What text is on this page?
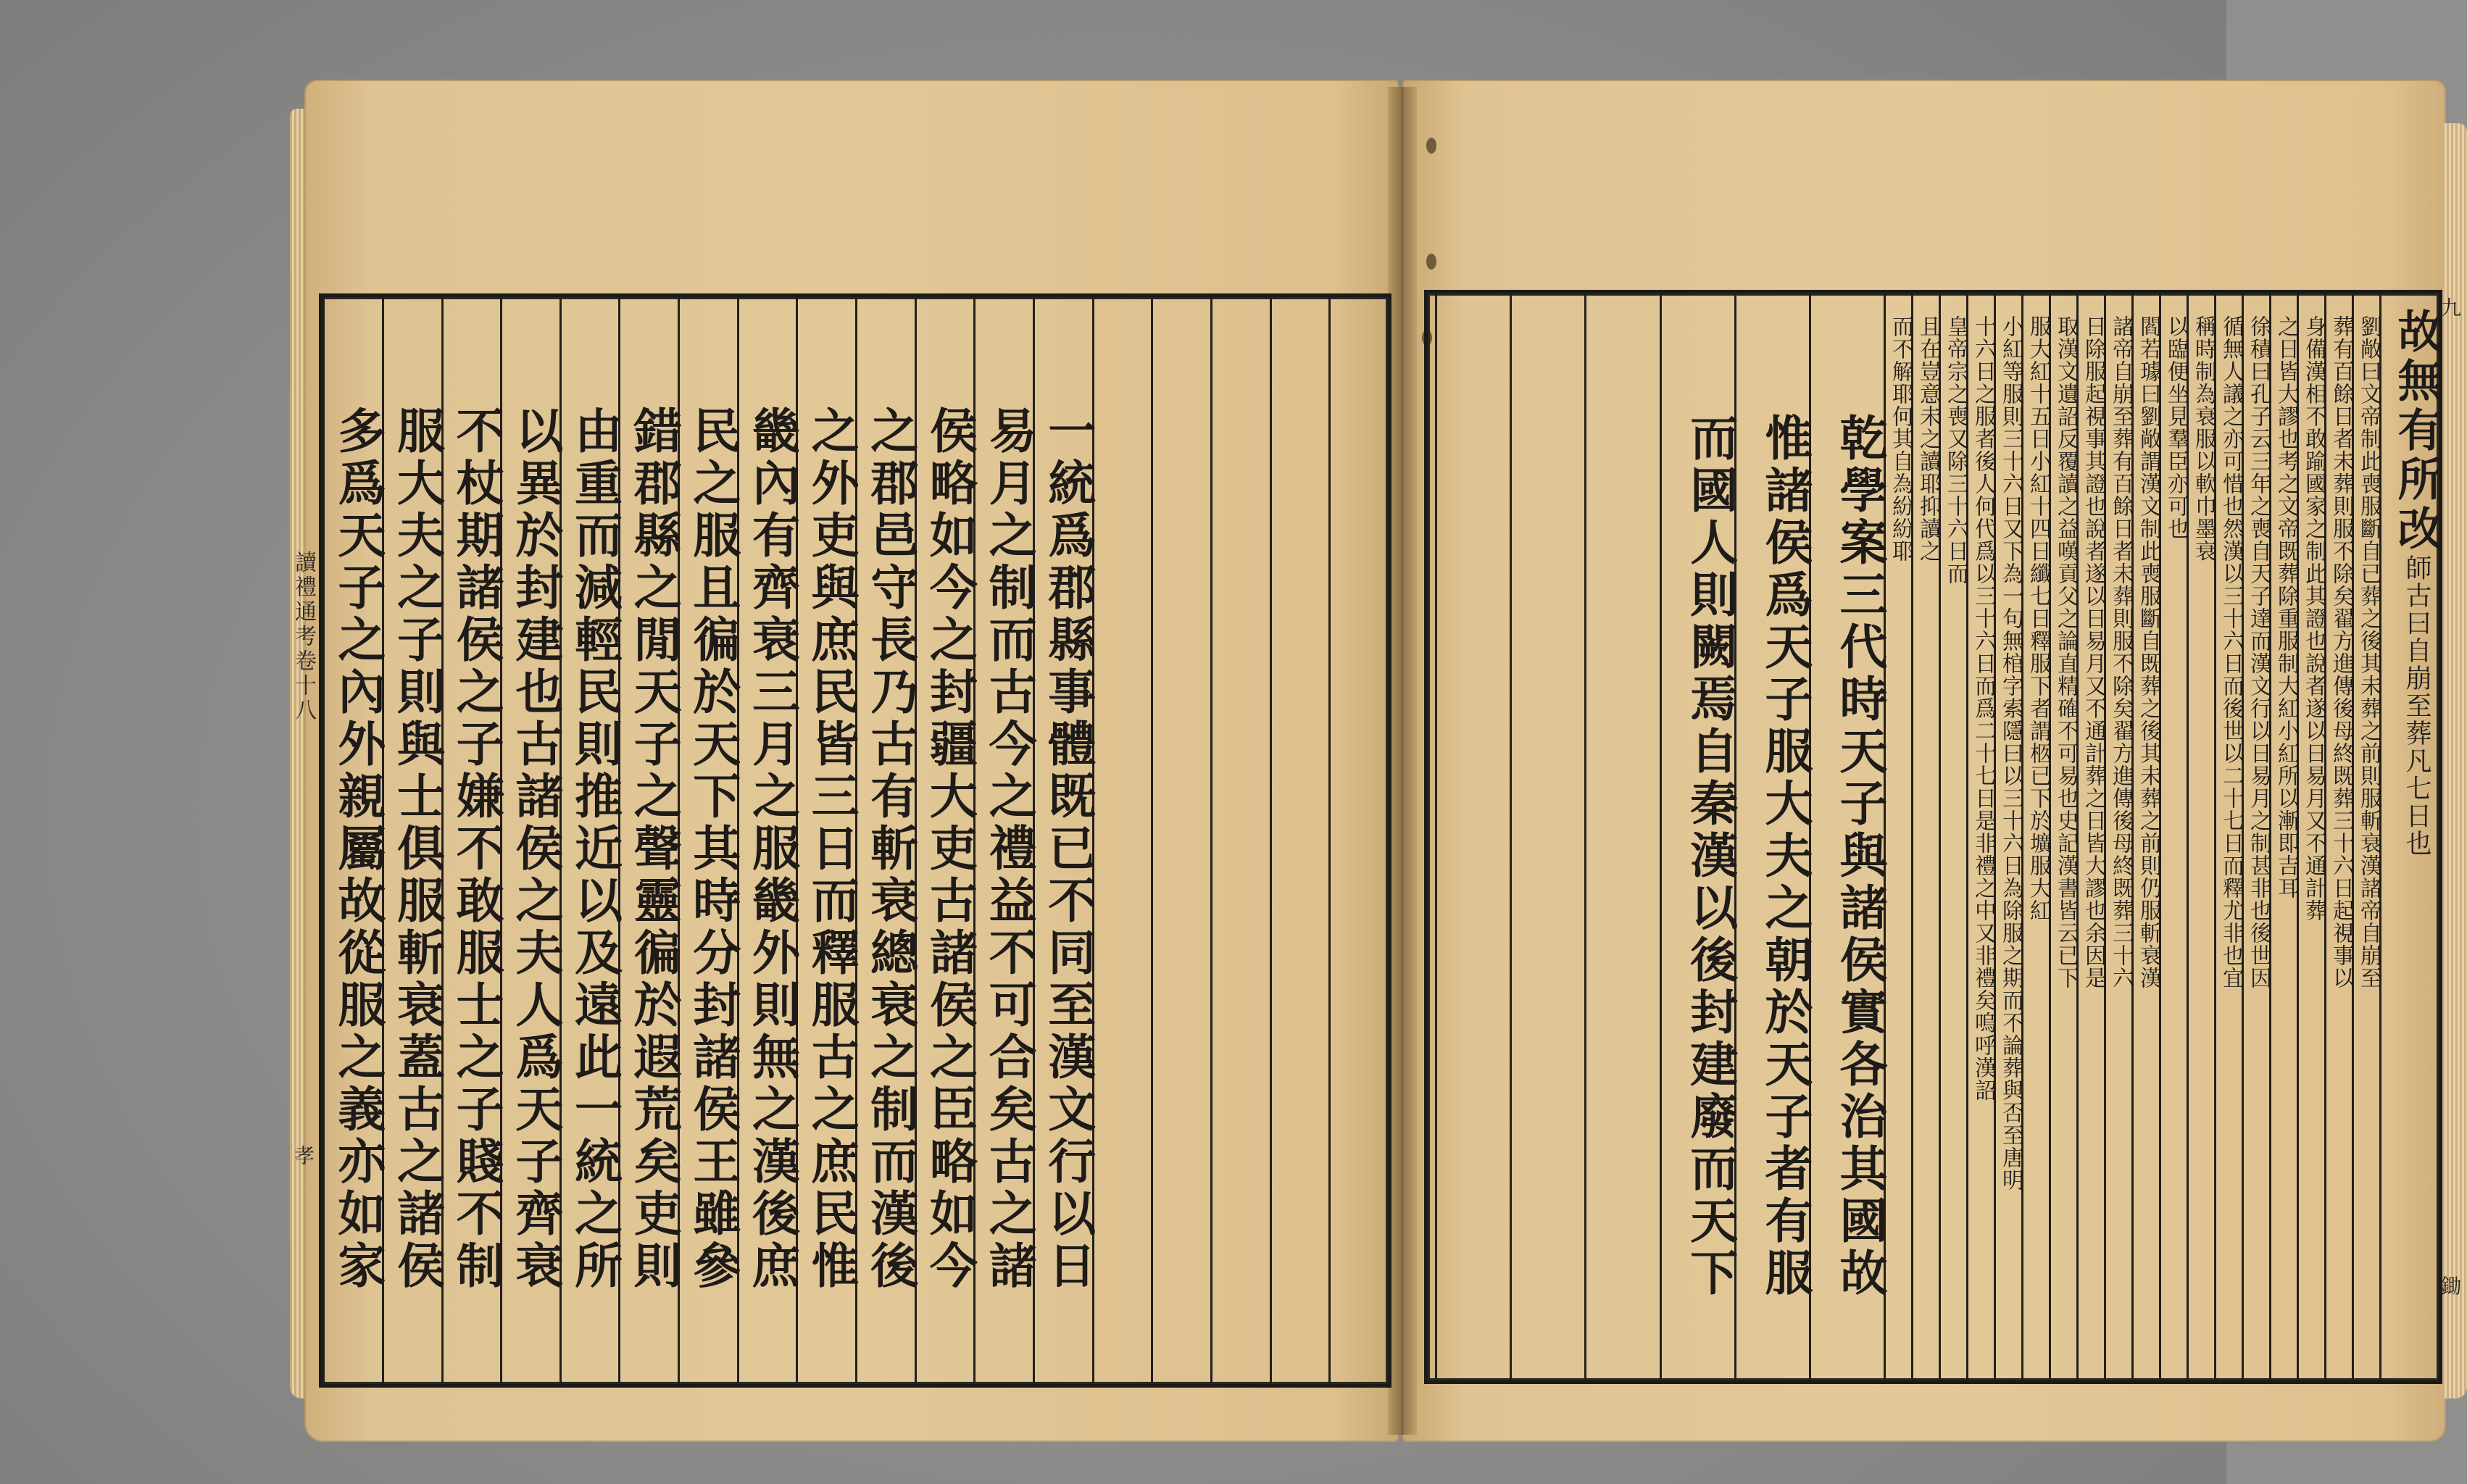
一統爲郡縣事體既已不同至漢文行以日
易月之制而古今之禮益不可合矣古之諸
侯略如今之封疆大吏古諸侯之臣略如今
之郡邑守長乃古有斬衰總衰之制而漢後
之外吏與庶民皆三日而釋服古之庶民惟
畿內有齊衰三月之服畿外則無之漢後庶
民之服且徧於天下其時分封諸侯王雖參
錯郡縣之閒天子之聲靈徧於遐荒矣吏則
由重而減輕民則推近以及遠此一統之所
以異於封建也古諸侯之夫人爲天子齊衰
不杖期諸侯之子嫌不敢服士之子賤不制
服大夫之子則與士俱服斬衰蓋古之諸侯
多爲天子之內外親屬故從服之義亦如家
讀禮通考卷十八
孝
故無有所改師古曰自崩至葬凡七日也
劉敞曰文帝制此喪服斷自已葬之後其未葬之前則服斬衰漢諸帝自崩至
葬有百餘日者未葬則服不除矣翟方進傳後母終既葬三十六日起視事以
身備漢相不敢踰國家之制此其證也說者遂以日易月又不通計葬
之日皆大謬也考之文帝既葬除重服制大紅小紅所以漸即吉耳
徐積曰孔子云三年之喪自天子達而漢文行以日易月之制甚非也後世因
循無人議之亦可惜也然漢以三十六日而後世以二十七日而釋尤非也宜
稱時制為衰服以軟巾墨衰
以臨便坐見羣臣亦可也
閻若璩曰劉敞謂漢文制此喪服斷自既葬之後其未葬之前則仍服斬衰漢
諸帝自崩至葬有百餘日者未葬則服不除矣翟方進傳後母終既葬三十六
日除服起視事其證也說者遂以日易月又不通計葬之日皆大謬也余因是
取漢文遺詔反覆讀之益嘆貢父之論直精確不可易也史記漢書皆云已下
服大紅十五日小紅十四日纖七日釋服下者謂柩已下於壙服大紅
小紅等服則三十六日又下為一句無棺字索隱曰以三十六日為除服之期而不論葬與否至唐明
十六日之服者後人何代爲以三十六日而爲二十七日是非禮之中又非禮矣嗚呼漢詔
皇帝宗之喪又除三十六日而
且在豈意未之讀耶抑讀之
而不解耶何其自為紛紛耶
乾學案三代時天子與諸侯實各治其國故
惟諸侯爲天子服大夫之朝於天子者有服
而國人則闕焉自秦漢以後封建廢而天下
九
鋤
